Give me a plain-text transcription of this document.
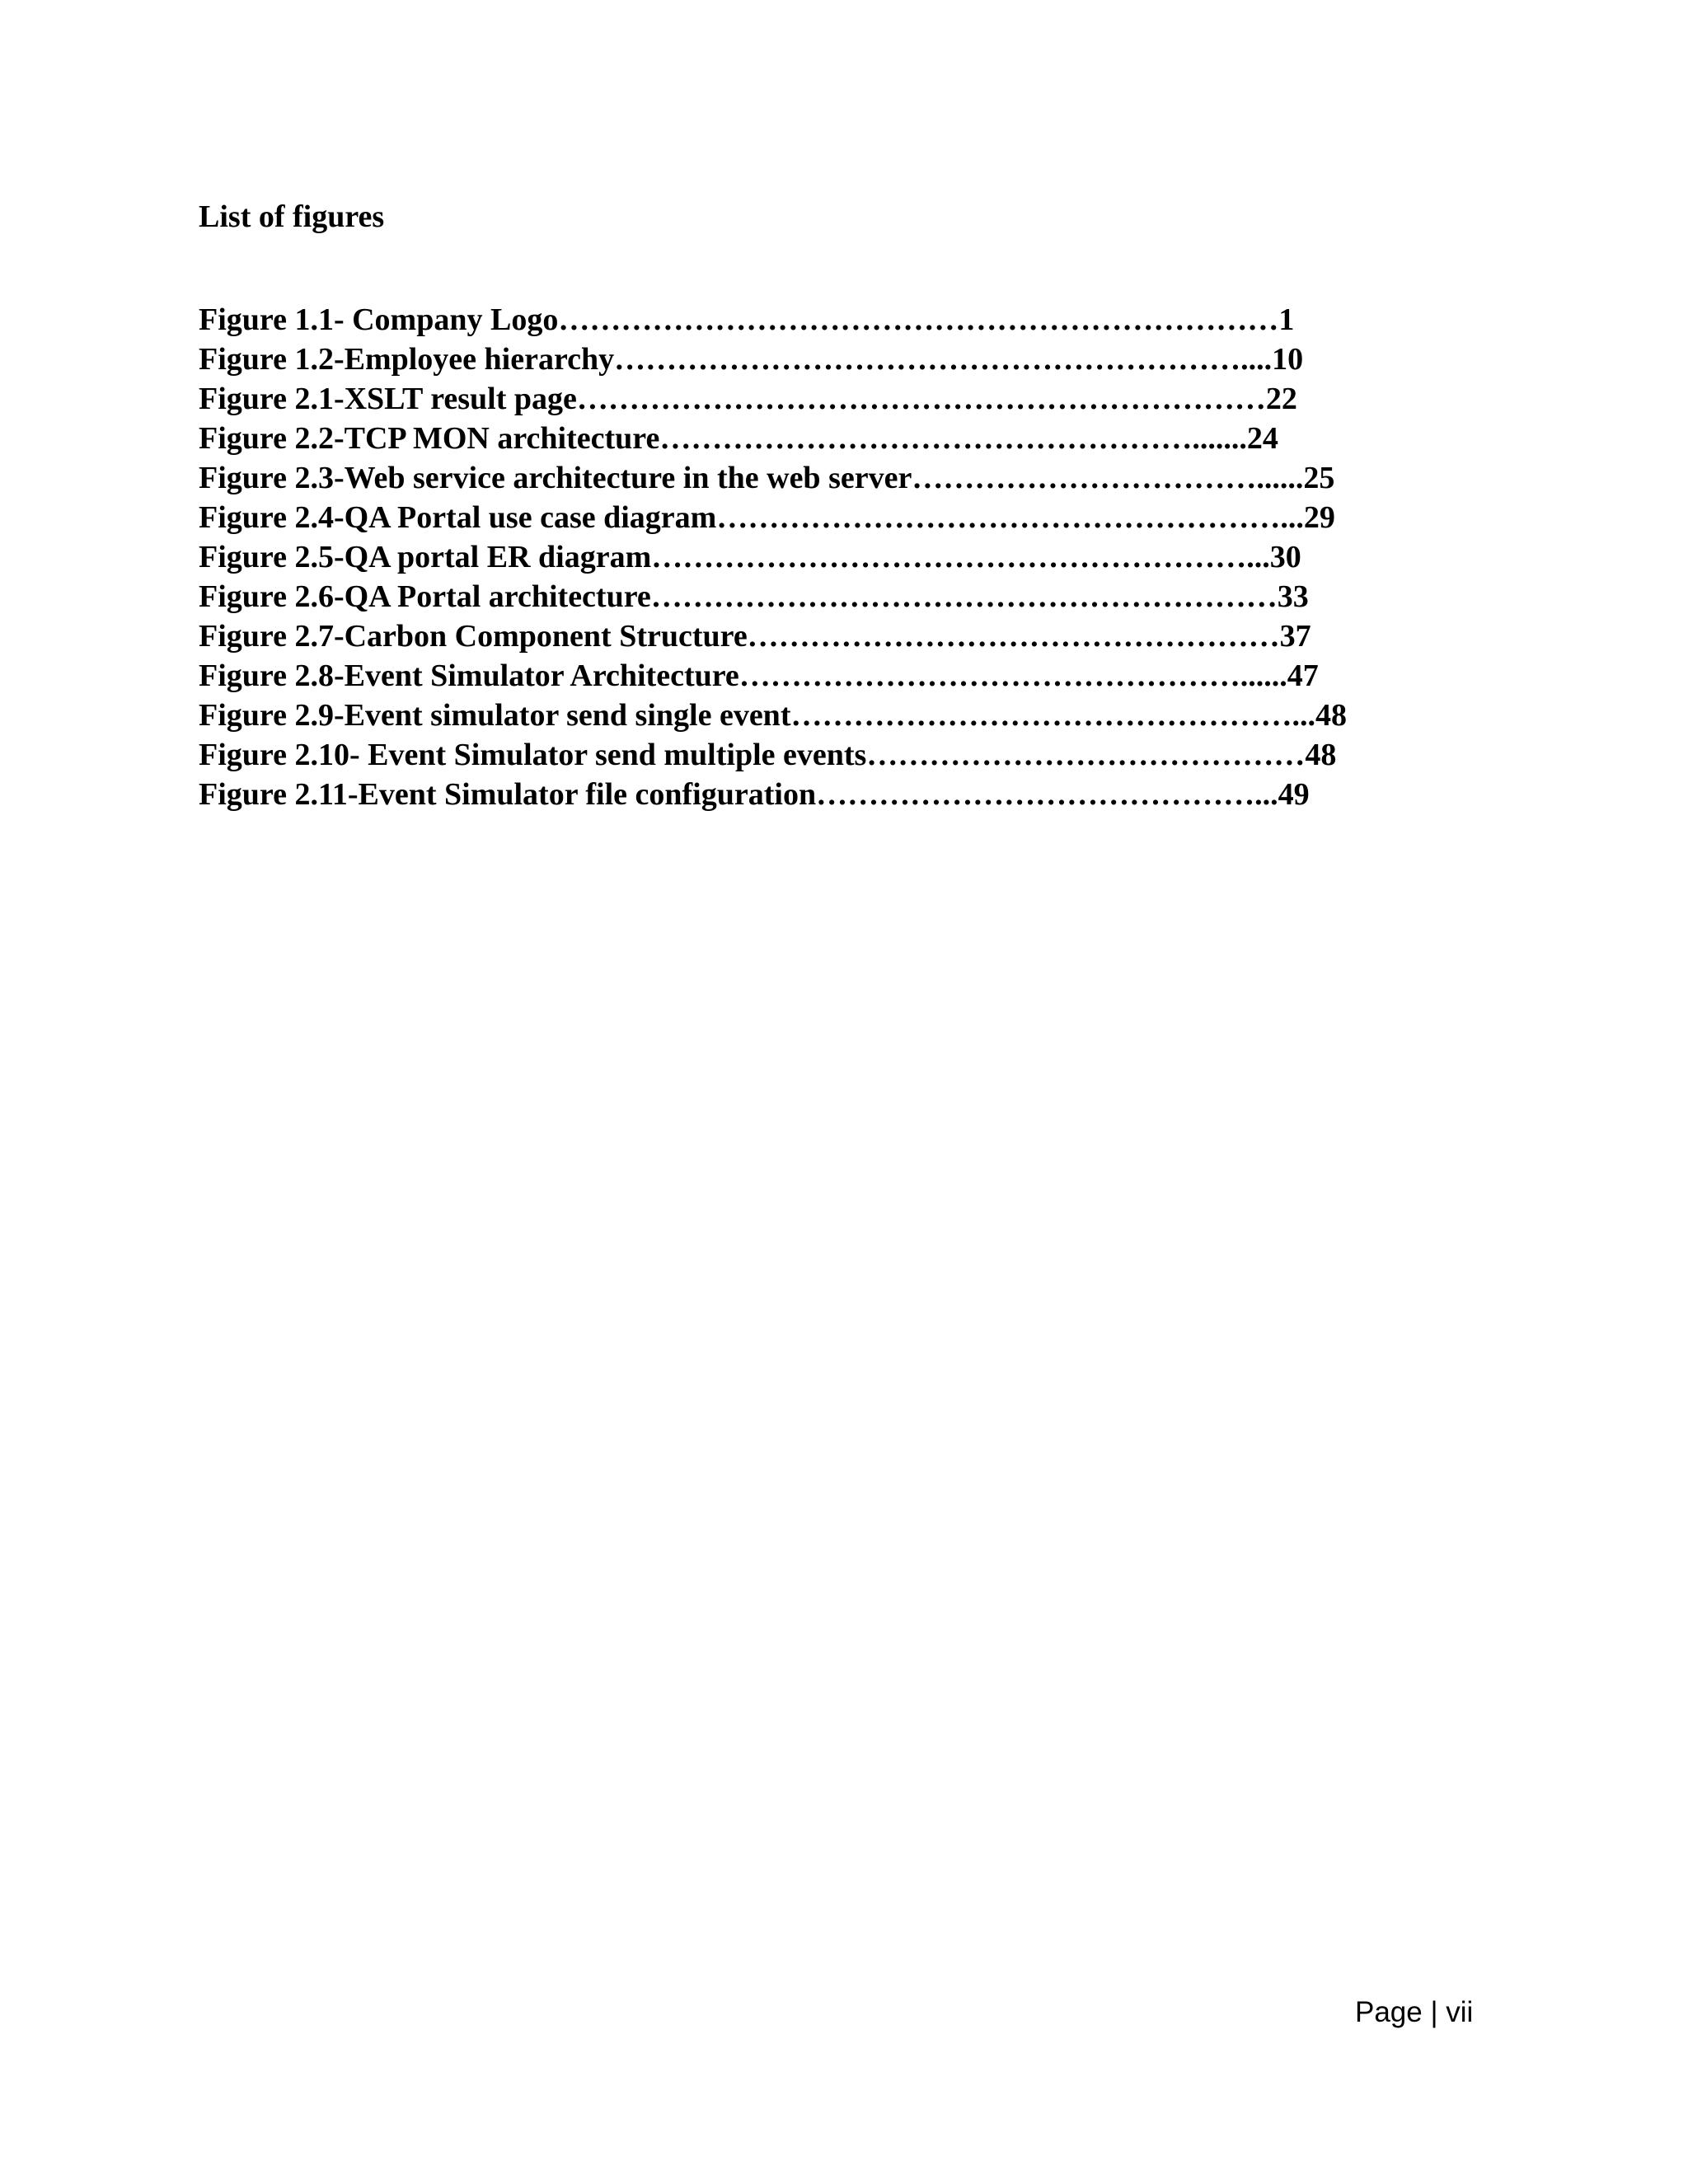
List of figures
Figure 1.1- Company Logo……………………………………………………………1
Figure 1.2-Employee hierarchy……………………………………………………....10
Figure 2.1-XSLT result page…………………………………………………………22
Figure 2.2-TCP MON architecture…………………………………………….......24
Figure 2.3-Web service architecture in the web server……………………………......25
Figure 2.4-QA Portal use case diagram………………………………………………...29
Figure 2.5-QA portal ER diagram…………………………………………………...30
Figure 2.6-QA Portal architecture……………………………………………………33
Figure 2.7-Carbon Component Structure……………………………………………37
Figure 2.8-Event Simulator Architecture…………………………………………......47
Figure 2.9-Event simulator send single event…………………………………………...48
Figure 2.10- Event Simulator send multiple events……………………………………48
Figure 2.11-Event Simulator file configuration……………………………………...49
Page | vii
